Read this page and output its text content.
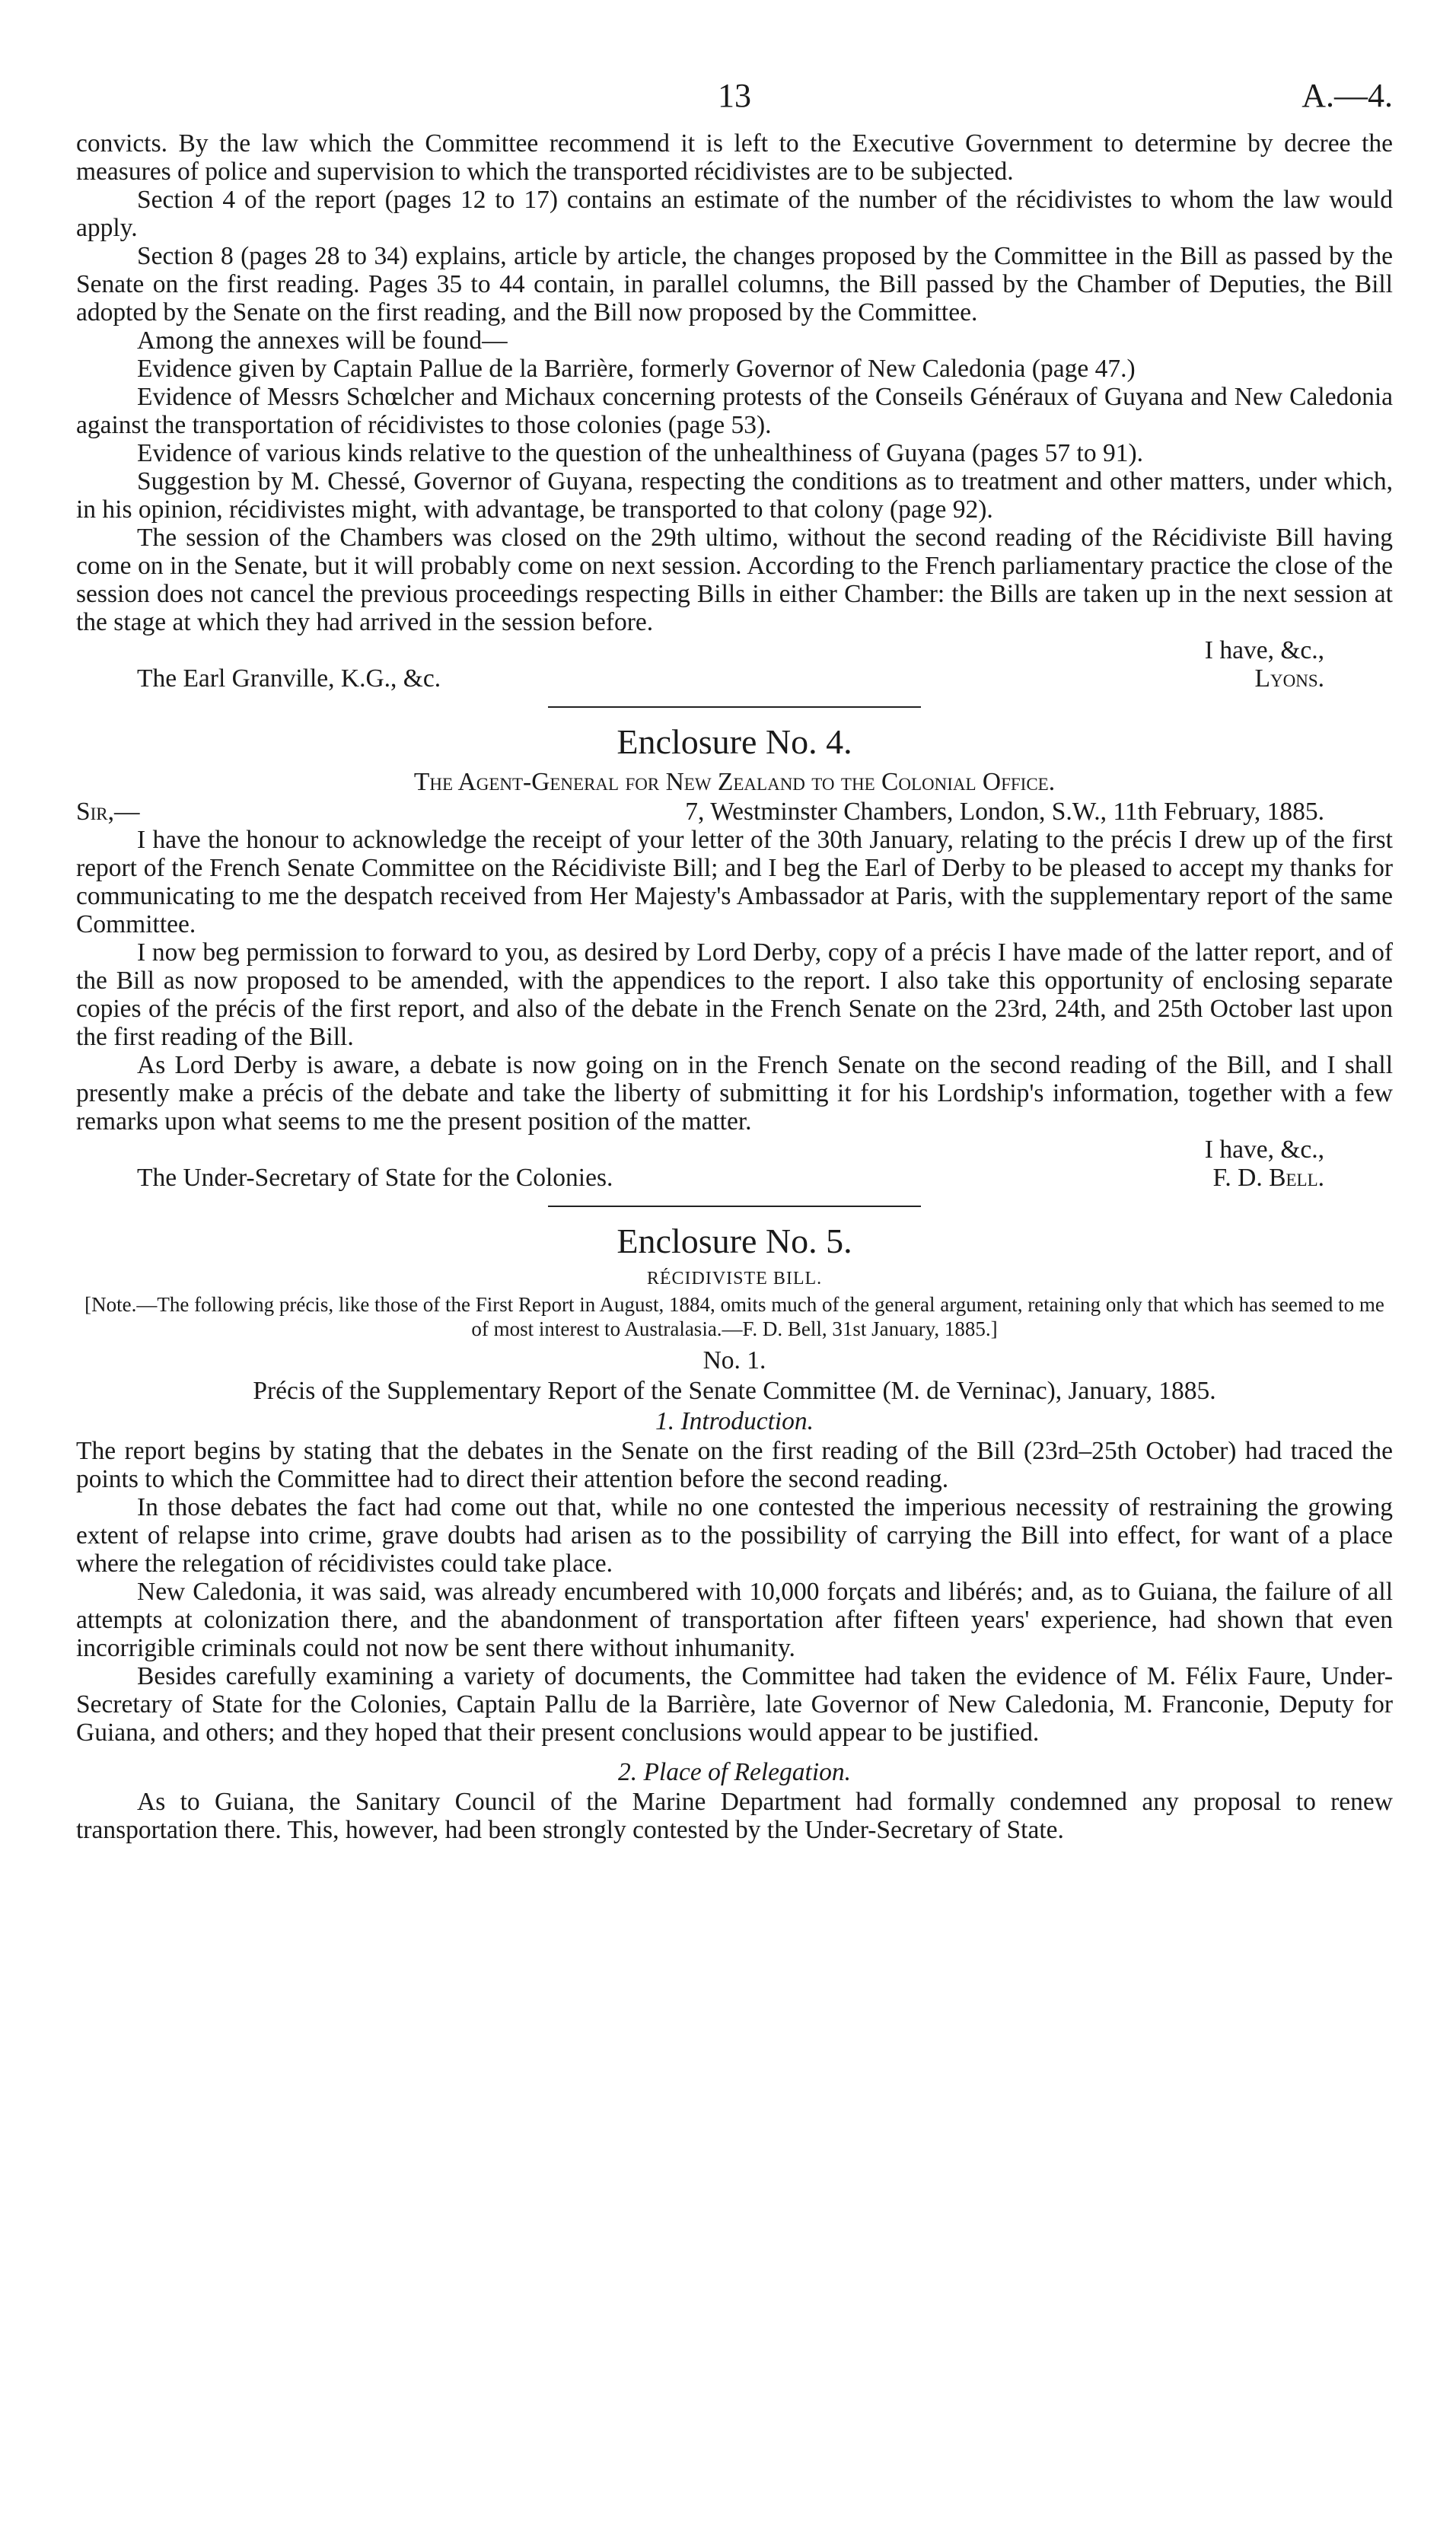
13	A.—4.

convicts. By the law which the Committee recommend it is left to the Executive Government to determine by decree the measures of police and supervision to which the transported récidivistes are to be subjected.

Section 4 of the report (pages 12 to 17) contains an estimate of the number of the récidivistes to whom the law would apply.

Section 8 (pages 28 to 34) explains, article by article, the changes proposed by the Committee in the Bill as passed by the Senate on the first reading. Pages 35 to 44 contain, in parallel columns, the Bill passed by the Chamber of Deputies, the Bill adopted by the Senate on the first reading, and the Bill now proposed by the Committee.

Among the annexes will be found—

Evidence given by Captain Pallue de la Barrière, formerly Governor of New Caledonia (page 47.)

Evidence of Messrs Schœlcher and Michaux concerning protests of the Conseils Généraux of Guyana and New Caledonia against the transportation of récidivistes to those colonies (page 53).

Evidence of various kinds relative to the question of the unhealthiness of Guyana (pages 57 to 91).

Suggestion by M. Chessé, Governor of Guyana, respecting the conditions as to treatment and other matters, under which, in his opinion, récidivistes might, with advantage, be transported to that colony (page 92).

The session of the Chambers was closed on the 29th ultimo, without the second reading of the Récidiviste Bill having come on in the Senate, but it will probably come on next session. According to the French parliamentary practice the close of the session does not cancel the previous proceedings respecting Bills in either Chamber: the Bills are taken up in the next session at the stage at which they had arrived in the session before.

I have, &c.,
The Earl Granville, K.G., &c.	Lyons.
Enclosure No. 4.
The Agent-General for New Zealand to the Colonial Office.
Sir,—	7, Westminster Chambers, London, S.W., 11th February, 1885.

I have the honour to acknowledge the receipt of your letter of the 30th January, relating to the précis I drew up of the first report of the French Senate Committee on the Récidiviste Bill; and I beg the Earl of Derby to be pleased to accept my thanks for communicating to me the despatch received from Her Majesty's Ambassador at Paris, with the supplementary report of the same Committee.

I now beg permission to forward to you, as desired by Lord Derby, copy of a précis I have made of the latter report, and of the Bill as now proposed to be amended, with the appendices to the report. I also take this opportunity of enclosing separate copies of the précis of the first report, and also of the debate in the French Senate on the 23rd, 24th, and 25th October last upon the first reading of the Bill.

As Lord Derby is aware, a debate is now going on in the French Senate on the second reading of the Bill, and I shall presently make a précis of the debate and take the liberty of submitting it for his Lordship's information, together with a few remarks upon what seems to me the present position of the matter.

I have, &c.,
The Under-Secretary of State for the Colonies.	F. D. Bell.
Enclosure No. 5.
RÉCIDIVISTE BILL.
[Note.—The following précis, like those of the First Report in August, 1884, omits much of the general argument, retaining only that which has seemed to me of most interest to Australasia.—F. D. Bell, 31st January, 1885.]
No. 1.
Précis of the Supplementary Report of the Senate Committee (M. de Verninac), January, 1885.
1. Introduction.

The report begins by stating that the debates in the Senate on the first reading of the Bill (23rd–25th October) had traced the points to which the Committee had to direct their attention before the second reading.

In those debates the fact had come out that, while no one contested the imperious necessity of restraining the growing extent of relapse into crime, grave doubts had arisen as to the possibility of carrying the Bill into effect, for want of a place where the relegation of récidivistes could take place.

New Caledonia, it was said, was already encumbered with 10,000 forçats and libérés; and, as to Guiana, the failure of all attempts at colonization there, and the abandonment of transportation after fifteen years' experience, had shown that even incorrigible criminals could not now be sent there without inhumanity.

Besides carefully examining a variety of documents, the Committee had taken the evidence of M. Félix Faure, Under-Secretary of State for the Colonies, Captain Pallu de la Barrière, late Governor of New Caledonia, M. Franconie, Deputy for Guiana, and others; and they hoped that their present conclusions would appear to be justified.

2. Place of Relegation.

As to Guiana, the Sanitary Council of the Marine Department had formally condemned any proposal to renew transportation there. This, however, had been strongly contested by the Under-Secretary of State.
